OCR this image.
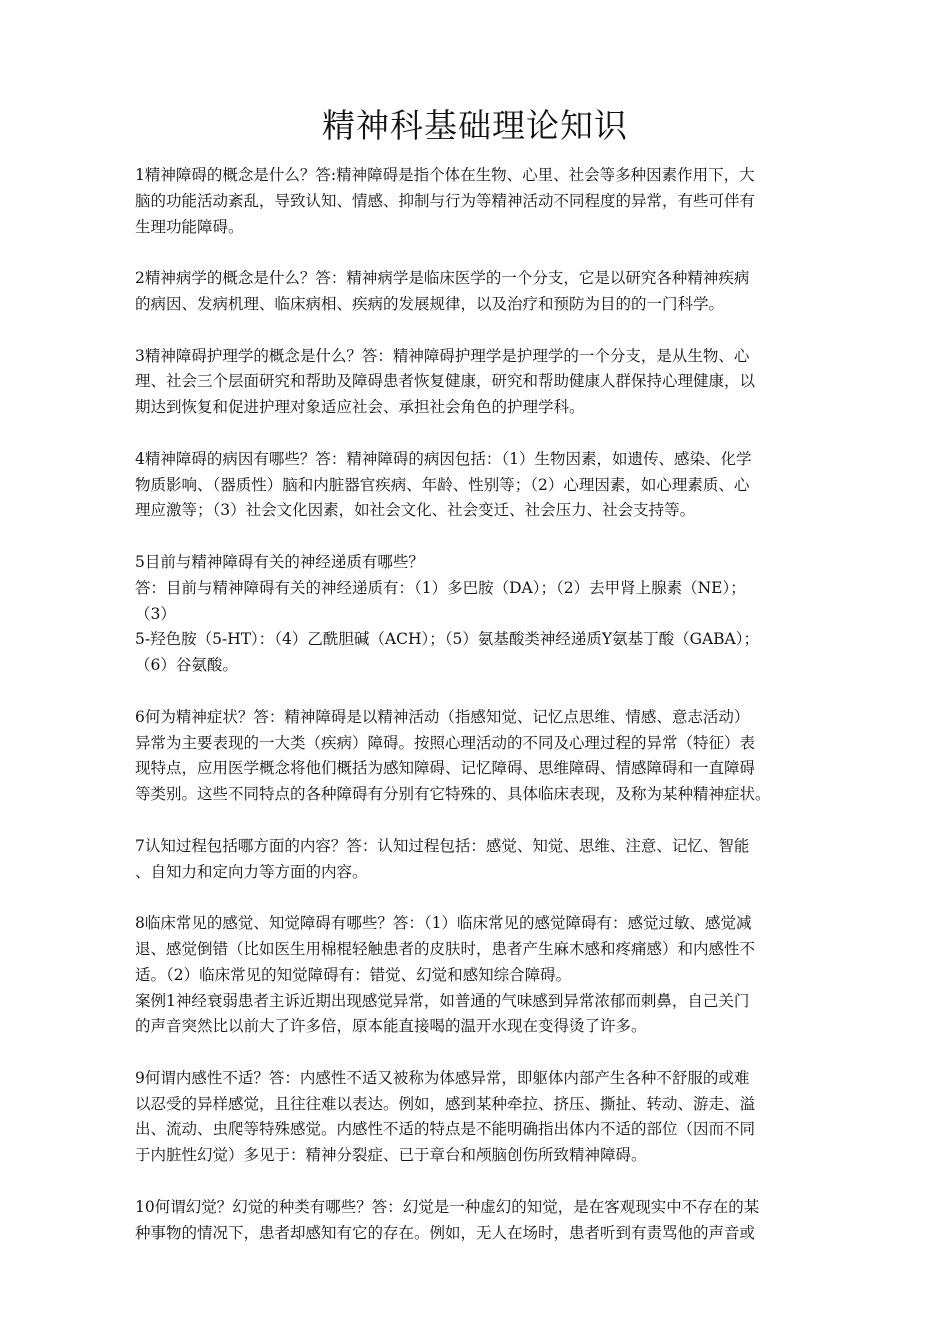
精神科基础理论知识
1精神障碍的概念是什么？答:精神障碍是指个体在生物、心里、社会等多种因素作用下，大
脑的功能活动紊乱，导致认知、情感、抑制与行为等精神活动不同程度的异常，有些可伴有
生理功能障碍。
2精神病学的概念是什么？答：精神病学是临床医学的一个分支，它是以研究各种精神疾病
的病因、发病机理、临床病相、疾病的发展规律，以及治疗和预防为目的的一门科学。
3精神障碍护理学的概念是什么？答：精神障碍护理学是护理学的一个分支，是从生物、心
理、社会三个层面研究和帮助及障碍患者恢复健康，研究和帮助健康人群保持心理健康，以
期达到恢复和促进护理对象适应社会、承担社会角色的护理学科。
4精神障碍的病因有哪些？答：精神障碍的病因包括：（1）生物因素，如遗传、感染、化学
物质影响、（器质性）脑和内脏器官疾病、年龄、性别等；（2）心理因素，如心理素质、心
理应激等；（3）社会文化因素，如社会文化、社会变迁、社会压力、社会支持等。
5目前与精神障碍有关的神经递质有哪些？
答：目前与精神障碍有关的神经递质有：（1）多巴胺（DA）；（2）去甲肾上腺素（NE）；
（3）
5-羟色胺（5-HT）：（4）乙酰胆碱（ACH）；（5）氨基酸类神经递质Y氨基丁酸（GABA）；
（6）谷氨酸。
6何为精神症状？答：精神障碍是以精神活动（指感知觉、记忆点思维、情感、意志活动）
异常为主要表现的一大类（疾病）障碍。按照心理活动的不同及心理过程的异常（特征）表
现特点，应用医学概念将他们概括为感知障碍、记忆障碍、思维障碍、情感障碍和一直障碍
等类别。这些不同特点的各种障碍有分别有它特殊的、具体临床表现，及称为某种精神症状。
7认知过程包括哪方面的内容？答：认知过程包括：感觉、知觉、思维、注意、记忆、智能
、自知力和定向力等方面的内容。
8临床常见的感觉、知觉障碍有哪些？答：（1）临床常见的感觉障碍有：感觉过敏、感觉减
退、感觉倒错（比如医生用棉棍轻触患者的皮肤时，患者产生麻木感和疼痛感）和内感性不
适。（2）临床常见的知觉障碍有：错觉、幻觉和感知综合障碍。
案例1神经衰弱患者主诉近期出现感觉异常，如普通的气味感到异常浓郁而刺鼻，自己关门
的声音突然比以前大了许多倍，原本能直接喝的温开水现在变得烫了许多。
9何谓内感性不适？答：内感性不适又被称为体感异常，即躯体内部产生各种不舒服的或难
以忍受的异样感觉，且往往难以表达。例如，感到某种牵拉、挤压、撕扯、转动、游走、溢
出、流动、虫爬等特殊感觉。内感性不适的特点是不能明确指出体内不适的部位（因而不同
于内脏性幻觉）多见于：精神分裂症、已于章台和颅脑创伤所致精神障碍。
10何谓幻觉？幻觉的种类有哪些？答：幻觉是一种虚幻的知觉，是在客观现实中不存在的某
种事物的情况下，患者却感知有它的存在。例如，无人在场时，患者听到有责骂他的声音或
